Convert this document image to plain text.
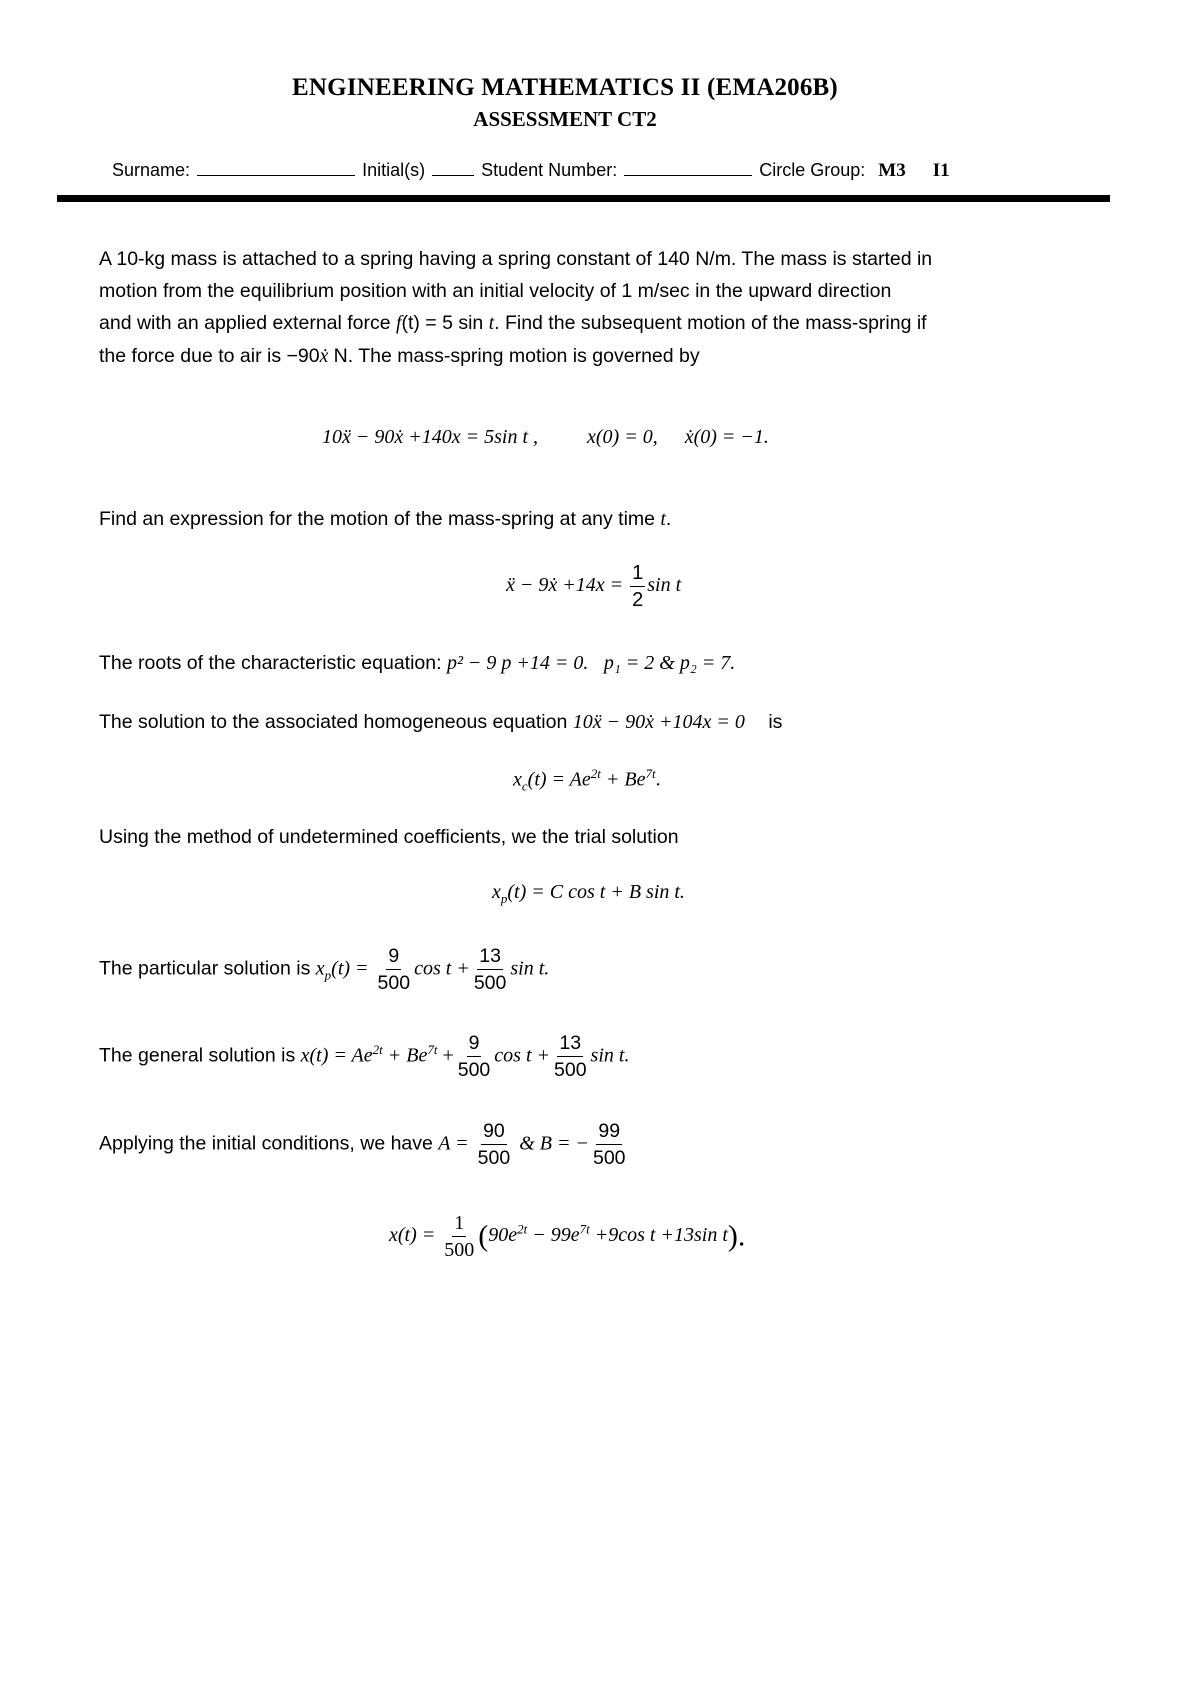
ENGINEERING MATHEMATICS II (EMA206B)
ASSESSMENT CT2
Surname:	Initial(s)	Student Number:	Circle Group: M3 I1
A 10-kg mass is attached to a spring having a spring constant of 140 N/m. The mass is started in
motion from the equilibrium position with an initial velocity of 1 m/sec in the upward direction
and with an applied external force f(t) = 5 sin t. Find the subsequent motion of the mass-spring if
the force due to air is −90ẋ N. The mass-spring motion is governed by
10ẍ − 90ẋ +140x = 5sin t , x(0) = 0, ẋ(0) = −1.
Find an expression for the motion of the mass-spring at any time t.
ẍ − 9ẋ $+14x = \frac{1}{2}$ sin t
The roots of the characteristic equation: p² − 9 p +14 = 0. p₁ = 2 & p₂ = 7.
The solution to the associated homogeneous equation 10ẍ − 90ẋ +104x = 0 is
$x_c(t) = Ae^{2t} + Be^{7t}$.
Using the method of undetermined coefficients, we the trial solution
$x_p(t) = C$ cos t + B sin t.
The particular solution is $x_p(t) = \frac{9}{500}$ $\cos t + \frac{13}{500}$ sin t.
The general solution is $x(t) = Ae^{2t} + Be^{7t} + \frac{9}{500}$ $\cos t + \frac{13}{500}$ sin t.
Applying the initial conditions, we have $A = \frac{90}{500}$ & B = − $\frac{99}{500}$
$x(t) = \frac{1}{500} (90e^{2t} - 99e^{7t} +9\cos$ t +13sin t).
